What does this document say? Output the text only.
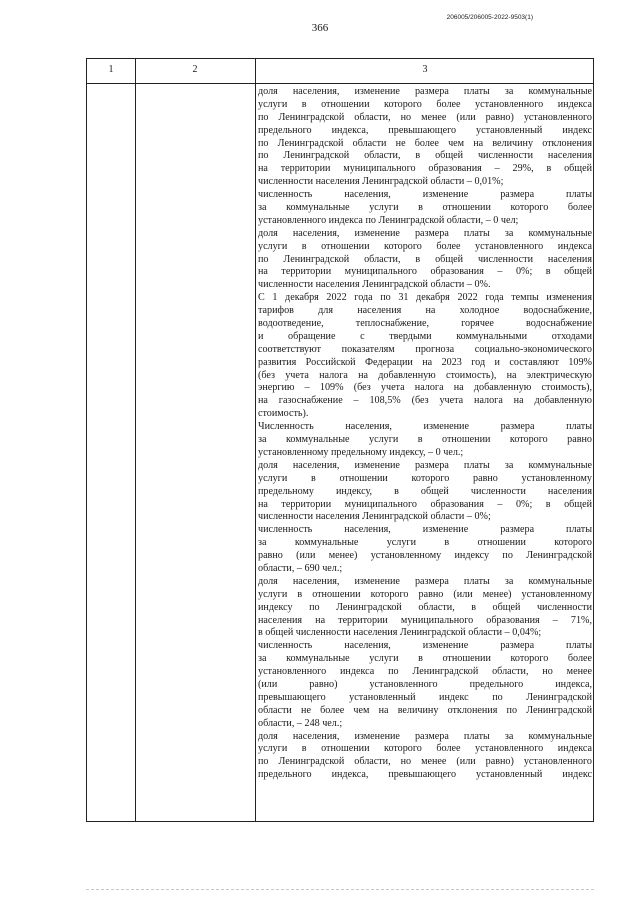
366
206005/206005-2022-9503(1)
1	2	3
доля населения, изменение размера платы за коммунальные
услуги в отношении которого более установленного индекса
по Ленинградской области, но менее (или равно) установленного
предельного индекса, превышающего установленный индекс
по Ленинградской области не более чем на величину отклонения
по Ленинградской области, в общей численности населения
на территории муниципального образования – 29%, в общей
численности населения Ленинградской области – 0,01%;
численность населения, изменение размера платы
за коммунальные услуги в отношении которого более
установленного индекса по Ленинградской области, – 0 чел;
доля населения, изменение размера платы за коммунальные
услуги в отношении которого более установленного индекса
по Ленинградской области, в общей численности населения
на территории муниципального образования – 0%; в общей
численности населения Ленинградской области – 0%.
С 1 декабря 2022 года по 31 декабря 2022 года темпы изменения
тарифов для населения на холодное водоснабжение,
водоотведение, теплоснабжение, горячее водоснабжение
и обращение с твердыми коммунальными отходами
соответствуют показателям прогноза социально-экономического
развития Российской Федерации на 2023 год и составляют 109%
(без учета налога на добавленную стоимость), на электрическую
энергию – 109% (без учета налога на добавленную стоимость),
на газоснабжение – 108,5% (без учета налога на добавленную
стоимость).
Численность населения, изменение размера платы
за коммунальные услуги в отношении которого равно
установленному предельному индексу, – 0 чел.;
доля населения, изменение размера платы за коммунальные
услуги в отношении которого равно установленному
предельному индексу, в общей численности населения
на территории муниципального образования – 0%; в общей
численности населения Ленинградской области – 0%;
численность населения, изменение размера платы
за коммунальные услуги в отношении которого
равно (или менее) установленному индексу по Ленинградской
области, – 690 чел.;
доля населения, изменение размера платы за коммунальные
услуги в отношении которого равно (или менее) установленному
индексу по Ленинградской области, в общей численности
населения на территории муниципального образования – 71%,
в общей численности населения Ленинградской области – 0,04%;
численность населения, изменение размера платы
за коммунальные услуги в отношении которого более
установленного индекса по Ленинградской области, но менее
(или равно) установленного предельного индекса,
превышающего установленный индекс по Ленинградской
области не более чем на величину отклонения по Ленинградской
области, – 248 чел.;
доля населения, изменение размера платы за коммунальные
услуги в отношении которого более установленного индекса
по Ленинградской области, но менее (или равно) установленного
предельного индекса, превышающего установленный индекс
